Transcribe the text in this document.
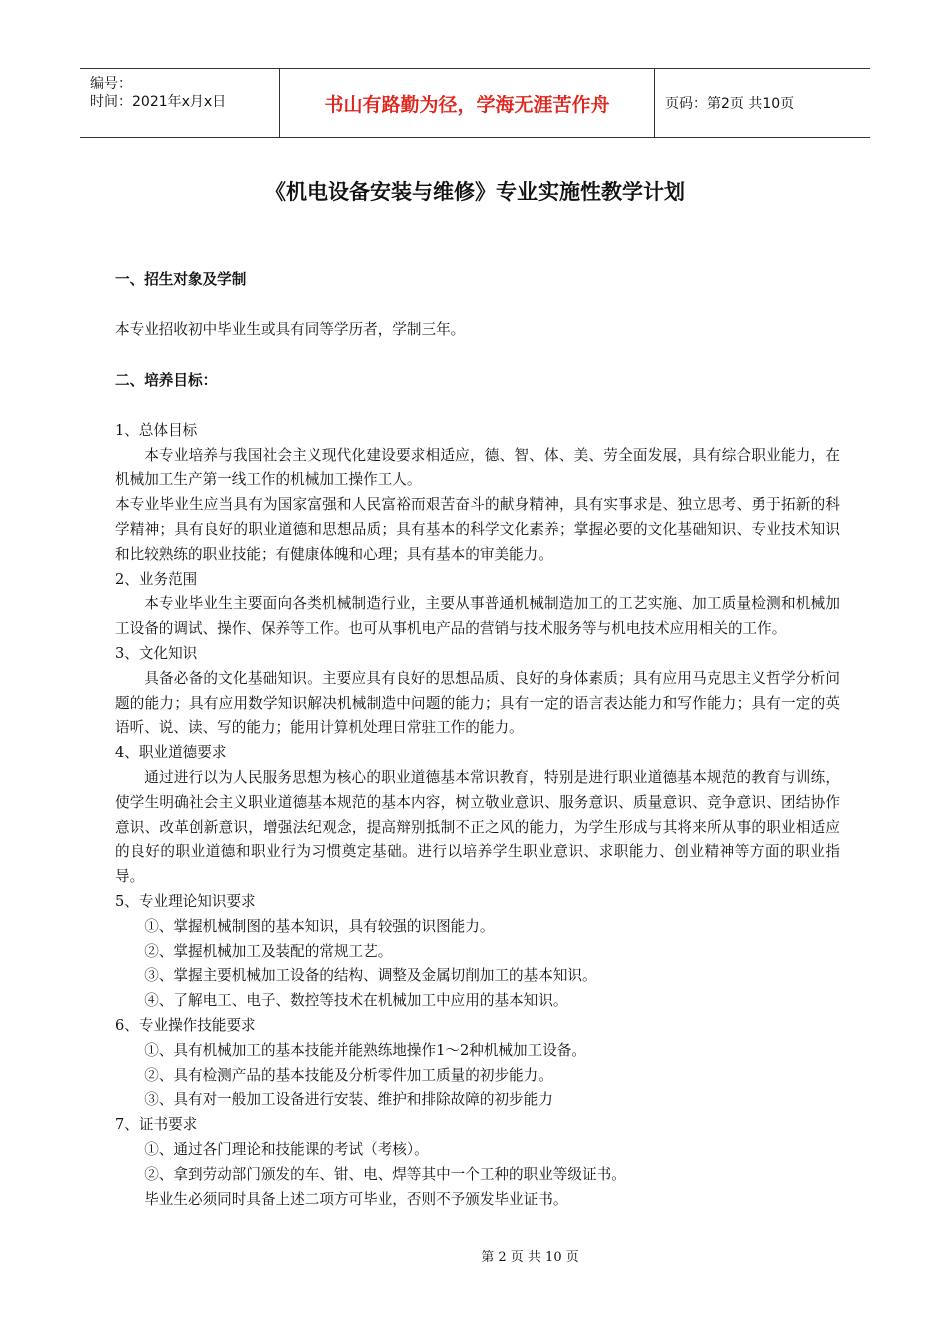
编号：
时间：2021年x月x日	书山有路勤为径，学海无涯苦作舟	页码：第2页 共10页
《机电设备安装与维修》专业实施性教学计划
一、招生对象及学制

本专业招收初中毕业生或具有同等学历者，学制三年。

二、培养目标：

1、总体目标

本专业培养与我国社会主义现代化建设要求相适应，德、智、体、美、劳全面发展，具有综合职业能力，在机械加工生产第一线工作的机械加工操作工人。

本专业毕业生应当具有为国家富强和人民富裕而艰苦奋斗的献身精神，具有实事求是、独立思考、勇于拓新的科学精神；具有良好的职业道德和思想品质；具有基本的科学文化素养；掌握必要的文化基础知识、专业技术知识和比较熟练的职业技能；有健康体魄和心理；具有基本的审美能力。

2、业务范围

本专业毕业生主要面向各类机械制造行业，主要从事普通机械制造加工的工艺实施、加工质量检测和机械加工设备的调试、操作、保养等工作。也可从事机电产品的营销与技术服务等与机电技术应用相关的工作。

3、文化知识

具备必备的文化基础知识。主要应具有良好的思想品质、良好的身体素质；具有应用马克思主义哲学分析问题的能力；具有应用数学知识解决机械制造中问题的能力；具有一定的语言表达能力和写作能力；具有一定的英语听、说、读、写的能力；能用计算机处理日常驻工作的能力。

4、职业道德要求

通过进行以为人民服务思想为核心的职业道德基本常识教育，特别是进行职业道德基本规范的教育与训练，使学生明确社会主义职业道德基本规范的基本内容，树立敬业意识、服务意识、质量意识、竞争意识、团结协作意识、改革创新意识，增强法纪观念，提高辩别抵制不正之风的能力，为学生形成与其将来所从事的职业相适应的良好的职业道德和职业行为习惯奠定基础。进行以培养学生职业意识、求职能力、创业精神等方面的职业指导。

5、专业理论知识要求

①、掌握机械制图的基本知识，具有较强的识图能力。
②、掌握机械加工及装配的常规工艺。
③、掌握主要机械加工设备的结构、调整及金属切削加工的基本知识。
④、了解电工、电子、数控等技术在机械加工中应用的基本知识。

6、专业操作技能要求

①、具有机械加工的基本技能并能熟练地操作1～2种机械加工设备。
②、具有检测产品的基本技能及分析零件加工质量的初步能力。
③、具有对一般加工设备进行安装、维护和排除故障的初步能力

7、证书要求

①、通过各门理论和技能课的考试（考核）。
②、拿到劳动部门颁发的车、钳、电、焊等其中一个工种的职业等级证书。
毕业生必须同时具备上述二项方可毕业，否则不予颁发毕业证书。
第 2 页 共 10 页
